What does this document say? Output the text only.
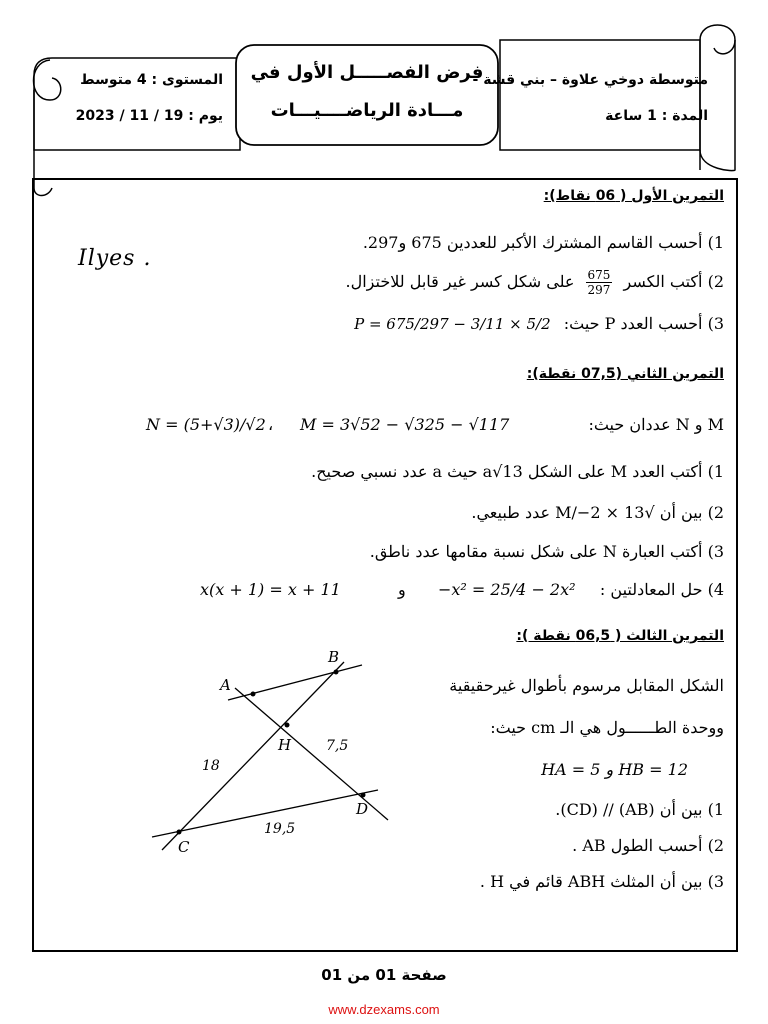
متوسطة دوخي علاوة – بني قشة -
المدة : 1 ساعة
المستوى : 4 متوسط
يوم : 19 / 11 / 2023
فرض الفصـــــل الأول في
مـــادة الرياضــــيـــات
Ilyes .
التمرين الأول ( 06 نقاط):
1) أحسب القاسم المشترك الأكبر للعددين 675 و297.
2) أكتب الكسر
$\frac{675}{297}$
على شكل كسر غير قابل للاختزال.
3) أحسب العدد P حيث: P = 675/297 − 3/11 × 5/2
التمرين الثاني (07,5 نقطة):
M و N عددان حيث:
M = 3√52 − √325 − √117
،
N = (5+√3)/√2
1) أكتب العدد M على الشكل a√13 حيث a عدد نسبي صحيح.
2) بين أن √13 × M/−2 عدد طبيعي.
3) أكتب العبارة N على شكل نسبة مقامها عدد ناطق.
4) حل المعادلتين :
−x² = 25/4 − 2x²
و
x(x + 1) = x + 11
التمرين الثالث ( 06,5 نقطة ):
الشكل المقابل مرسوم بأطوال غيرحقيقية
ووحدة الطــــــول هي الـ cm حيث:
HA = 5 و HB = 12
1) بين أن (AB) // (CD).
2) أحسب الطول AB .
3) بين أن المثلث ABH قائم في H .
A
B
H
C
D
18
7,5
19,5
صفحة 01 من 01
www.dzexams.com
